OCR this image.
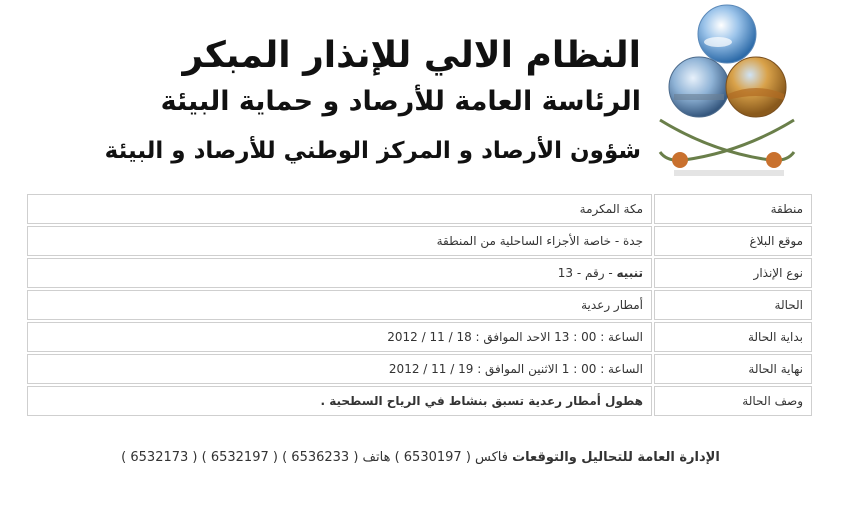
النظام الالي للإنذار المبكر
الرئاسة العامة للأرصاد و حماية البيئة
شؤون الأرصاد و المركز الوطني للأرصاد و البيئة
منطقة	مكة المكرمة
موقع البلاغ	جدة - خاصة الأجزاء الساحلية من المنطقة
نوع الإنذار	تنبيه - رقم - 13
الحالة	أمطار رعدية
بداية الحالة	الساعة : 00 : 13 الاحد الموافق : 18 / 11 / 2012
نهاية الحالة	الساعة : 00 : 1 الاثنين الموافق : 19 / 11 / 2012
وصف الحالة	هطول أمطار رعدية تسبق بنشاط في الرياح السطحية .
الإدارة العامة للتحاليل والتوقعات فاكس ( 6530197 ) هاتف ( 6536233 ) ( 6532197 ) ( 6532173 )
